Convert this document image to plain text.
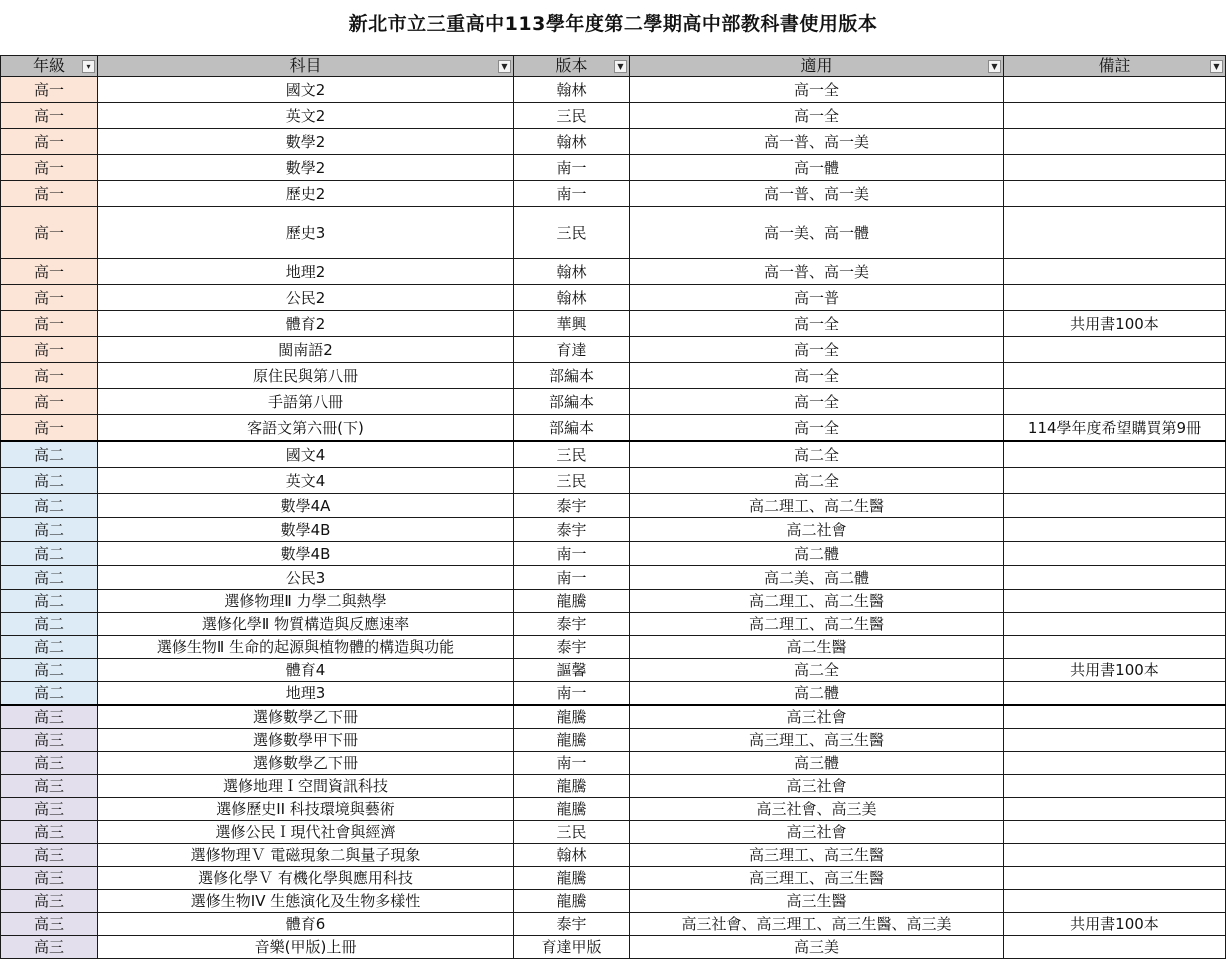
新北市立三重高中113學年度第二學期高中部教科書使用版本
年級 ▾	科目 ▼	版本 ▼	適用 ▼	備註 ▼

高一	國文2	翰林	高一全	
高一	英文2	三民	高一全	
高一	數學2	翰林	高一普、高一美	
高一	數學2	南一	高一體	
高一	歷史2	南一	高一普、高一美	
高一	歷史3	三民	高一美、高一體	
高一	地理2	翰林	高一普、高一美	
高一	公民2	翰林	高一普	
高一	體育2	華興	高一全	共用書100本
高一	閩南語2	育達	高一全	
高一	原住民與第八冊	部編本	高一全	
高一	手語第八冊	部編本	高一全	
高一	客語文第六冊(下)	部編本	高一全	114學年度希望購買第9冊
高二	國文4	三民	高二全	
高二	英文4	三民	高二全	
高二	數學4A	泰宇	高二理工、高二生醫	
高二	數學4B	泰宇	高二社會	
高二	數學4B	南一	高二體	
高二	公民3	南一	高二美、高二體	
高二	選修物理Ⅱ 力學二與熱學	龍騰	高二理工、高二生醫	
高二	選修化學Ⅱ 物質構造與反應速率	泰宇	高二理工、高二生醫	
高二	選修生物Ⅱ 生命的起源與植物體的構造與功能	泰宇	高二生醫	
高二	體育4	謳馨	高二全	共用書100本
高二	地理3	南一	高二體	
高三	選修數學乙下冊	龍騰	高三社會	
高三	選修數學甲下冊	龍騰	高三理工、高三生醫	
高三	選修數學乙下冊	南一	高三體	
高三	選修地理Ｉ空間資訊科技	龍騰	高三社會	
高三	選修歷史II 科技環境與藝術	龍騰	高三社會、高三美	
高三	選修公民Ｉ現代社會與經濟	三民	高三社會	
高三	選修物理Ｖ 電磁現象二與量子現象	翰林	高三理工、高三生醫	
高三	選修化學Ｖ 有機化學與應用科技	龍騰	高三理工、高三生醫	
高三	選修生物IV 生態演化及生物多樣性	龍騰	高三生醫	
高三	體育6	泰宇	高三社會、高三理工、高三生醫、高三美	共用書100本
高三	音樂(甲版)上冊	育達甲版	高三美	
